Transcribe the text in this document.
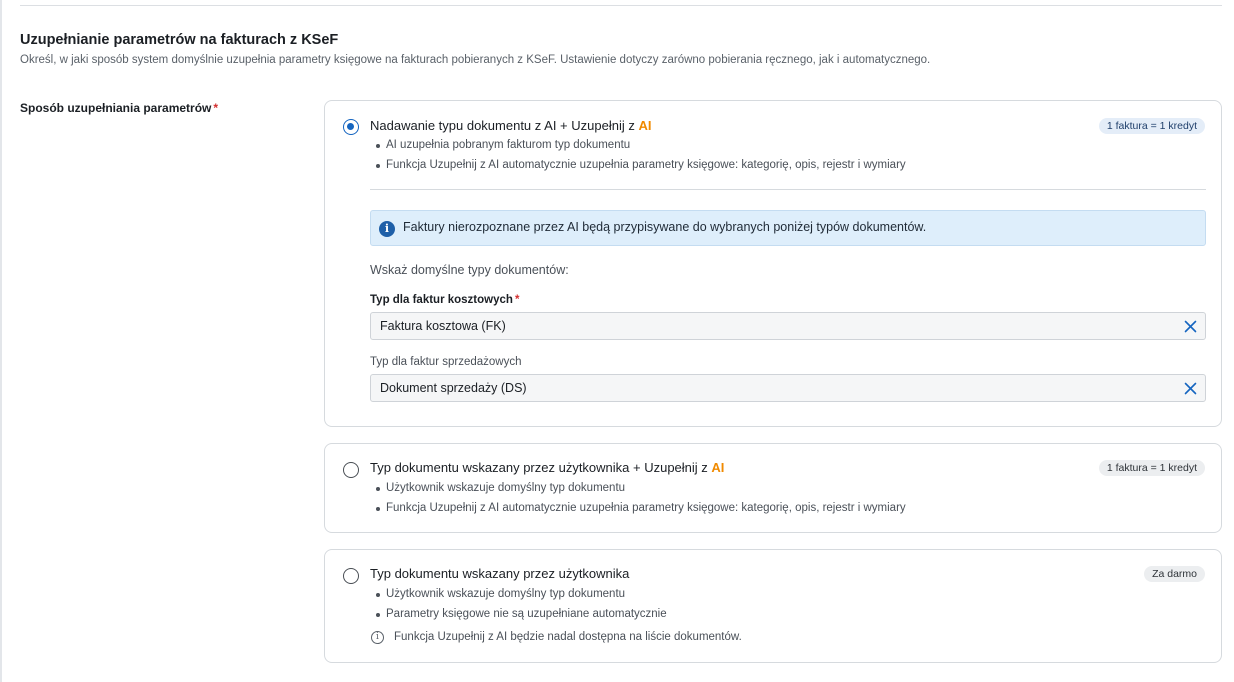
Uzupełnianie parametrów na fakturach z KSeF

Określ, w jaki sposób system domyślnie uzupełnia parametry księgowe na fakturach pobieranych z KSeF. Ustawienie dotyczy zarówno pobierania ręcznego, jak i automatycznego.

Sposób uzupełniania parametrów *
Nadawanie typu dokumentu z AI + Uzupełnij z AI	1 faktura = 1 kredyt
AI uzupełnia pobranym fakturom typ dokumentu
Funkcja Uzupełnij z AI automatycznie uzupełnia parametry księgowe: kategorię, opis, rejestr i wymiary
i	Faktury nierozpoznane przez AI będą przypisywane do wybranych poniżej typów dokumentów.
Wskaż domyślne typy dokumentów:
Typ dla faktur kosztowych *
Faktura kosztowa (FK)
Typ dla faktur sprzedażowych
Dokument sprzedaży (DS)
Typ dokumentu wskazany przez użytkownika + Uzupełnij z AI	1 faktura = 1 kredyt
Użytkownik wskazuje domyślny typ dokumentu
Funkcja Uzupełnij z AI automatycznie uzupełnia parametry księgowe: kategorię, opis, rejestr i wymiary
Typ dokumentu wskazany przez użytkownika	Za darmo
Użytkownik wskazuje domyślny typ dokumentu
Parametry księgowe nie są uzupełniane automatycznie
i	Funkcja Uzupełnij z AI będzie nadal dostępna na liście dokumentów.
